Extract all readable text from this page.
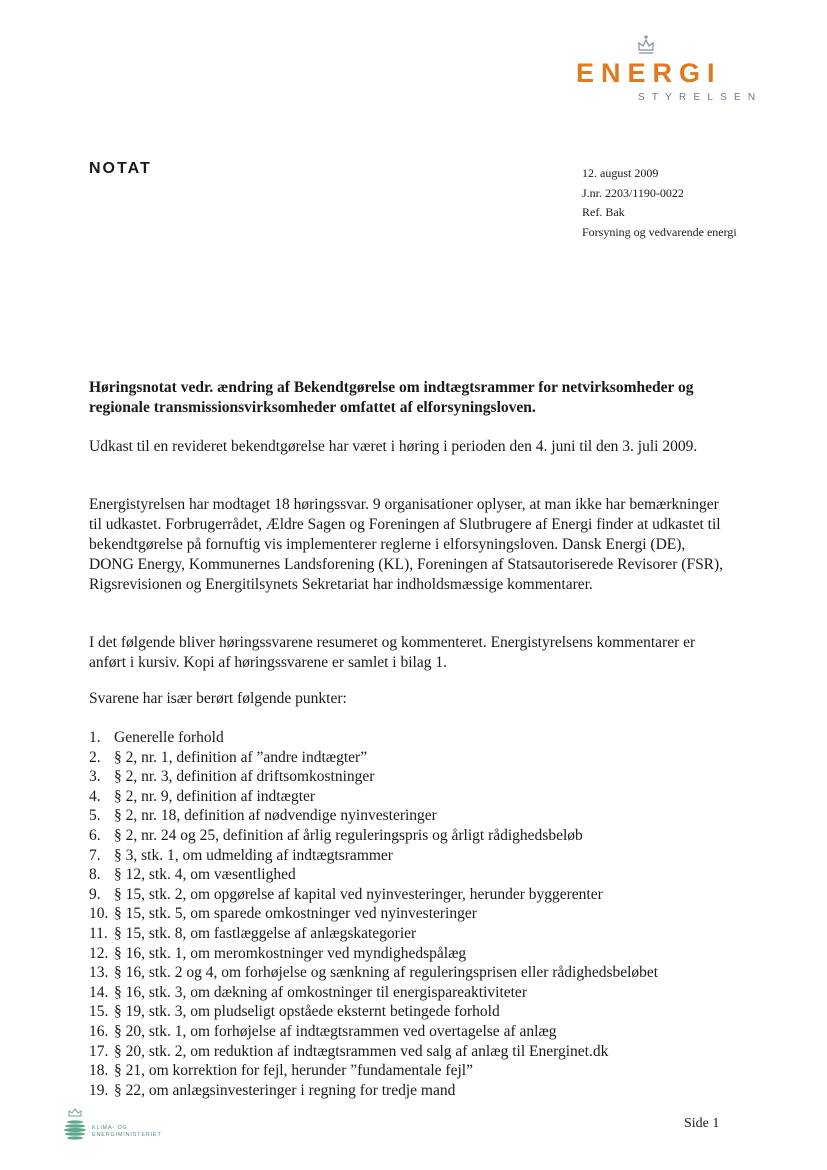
ENERGI
STYRELSEN
NOTAT	12. august 2009
J.nr. 2203/1190-0022
Ref. Bak
Forsyning og vedvarende energi
Høringsnotat vedr. ændring af Bekendtgørelse om indtægtsrammer for netvirksomheder og regionale transmissionsvirksomheder omfattet af elforsyningsloven.
Udkast til en revideret bekendtgørelse har været i høring i perioden den 4. juni til den 3. juli 2009.
Energistyrelsen har modtaget 18 høringssvar. 9 organisationer oplyser, at man ikke har bemærkninger til udkastet. Forbrugerrådet, Ældre Sagen og Foreningen af Slutbrugere af Energi finder at udkastet til bekendtgørelse på fornuftig vis implementerer reglerne i elforsyningsloven. Dansk Energi (DE), DONG Energy, Kommunernes Landsforening (KL), Foreningen af Statsautoriserede Revisorer (FSR), Rigsrevisionen og Energitilsynets Sekretariat har indholdsmæssige kommentarer.
I det følgende bliver høringssvarene resumeret og kommenteret. Energistyrelsens kommentarer er anført i kursiv. Kopi af høringssvarene er samlet i bilag 1.
Svarene har især berørt følgende punkter:
1. Generelle forhold
2. § 2, nr. 1, definition af ”andre indtægter”
3. § 2, nr. 3, definition af driftsomkostninger
4. § 2, nr. 9, definition af indtægter
5. § 2, nr. 18, definition af nødvendige nyinvesteringer
6. § 2, nr. 24 og 25, definition af årlig reguleringspris og årligt rådighedsbeløb
7. § 3, stk. 1, om udmelding af indtægtsrammer
8. § 12, stk. 4, om væsentlighed
9. § 15, stk. 2, om opgørelse af kapital ved nyinvesteringer, herunder byggerenter
10. § 15, stk. 5, om sparede omkostninger ved nyinvesteringer
11. § 15, stk. 8, om fastlæggelse af anlægskategorier
12. § 16, stk. 1, om meromkostninger ved myndighedspålæg
13. § 16, stk. 2 og 4, om forhøjelse og sænkning af reguleringsprisen eller rådighedsbeløbet
14. § 16, stk. 3, om dækning af omkostninger til energispareaktiviteter
15. § 19, stk. 3, om pludseligt opståede eksternt betingede forhold
16. § 20, stk. 1, om forhøjelse af indtægtsrammen ved overtagelse af anlæg
17. § 20, stk. 2, om reduktion af indtægtsrammen ved salg af anlæg til Energinet.dk
18. § 21, om korrektion for fejl, herunder ”fundamentale fejl”
19. § 22, om anlægsinvesteringer i regning for tredje mand
KLIMA- OG
ENERGIMINISTERIET
Side 1
